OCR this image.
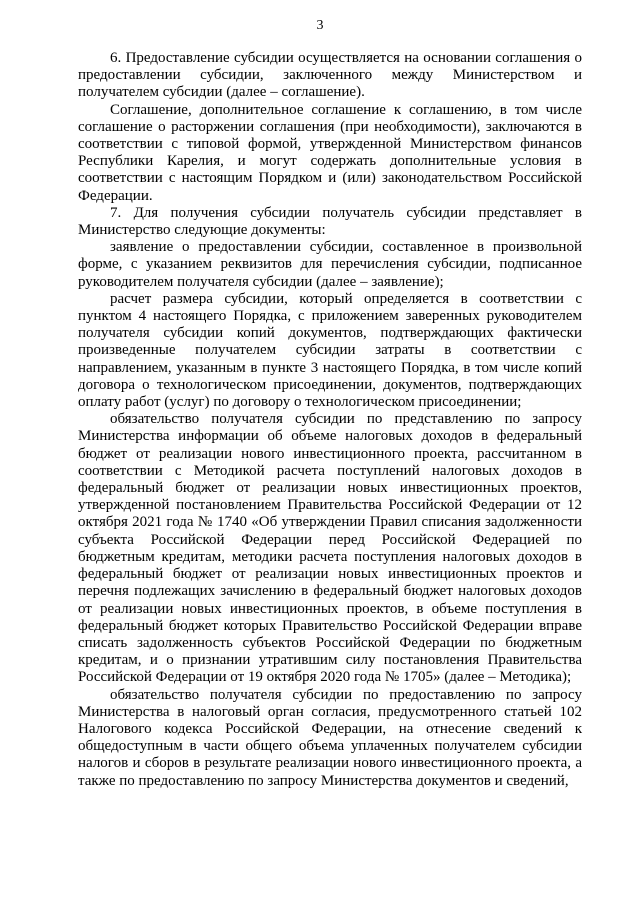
3

6. Предоставление субсидии осуществляется на основании соглашения о предоставлении субсидии, заключенного между Министерством и получателем субсидии (далее – соглашение).

Соглашение, дополнительное соглашение к соглашению, в том числе соглашение о расторжении соглашения (при необходимости), заключаются в соответствии с типовой формой, утвержденной Министерством финансов Республики Карелия, и могут содержать дополнительные условия в соответствии с настоящим Порядком и (или) законодательством Российской Федерации.

7. Для получения субсидии получатель субсидии представляет в Министерство следующие документы:

заявление о предоставлении субсидии, составленное в произвольной форме, с указанием реквизитов для перечисления субсидии, подписанное руководителем получателя субсидии (далее – заявление);

расчет размера субсидии, который определяется в соответствии с пунктом 4 настоящего Порядка, с приложением заверенных руководителем получателя субсидии копий документов, подтверждающих фактически произведенные получателем субсидии затраты в соответствии с направлением, указанным в пункте 3 настоящего Порядка, в том числе копий договора о технологическом присоединении, документов, подтверждающих оплату работ (услуг) по договору о технологическом присоединении;

обязательство получателя субсидии по представлению по запросу Министерства информации об объеме налоговых доходов в федеральный бюджет от реализации нового инвестиционного проекта, рассчитанном в соответствии с Методикой расчета поступлений налоговых доходов в федеральный бюджет от реализации новых инвестиционных проектов, утвержденной постановлением Правительства Российской Федерации от 12 октября 2021 года № 1740 «Об утверждении Правил списания задолженности субъекта Российской Федерации перед Российской Федерацией по бюджетным кредитам, методики расчета поступления налоговых доходов в федеральный бюджет от реализации новых инвестиционных проектов и перечня подлежащих зачислению в федеральный бюджет налоговых доходов от реализации новых инвестиционных проектов, в объеме поступления в федеральный бюджет которых Правительство Российской Федерации вправе списать задолженность субъектов Российской Федерации по бюджетным кредитам, и о признании утратившим силу постановления Правительства Российской Федерации от 19 октября 2020 года № 1705» (далее – Методика);

обязательство получателя субсидии по предоставлению по запросу Министерства в налоговый орган согласия, предусмотренного статьей 102 Налогового кодекса Российской Федерации, на отнесение сведений к общедоступным в части общего объема уплаченных получателем субсидии налогов и сборов в результате реализации нового инвестиционного проекта, а также по предоставлению по запросу Министерства документов и сведений,
